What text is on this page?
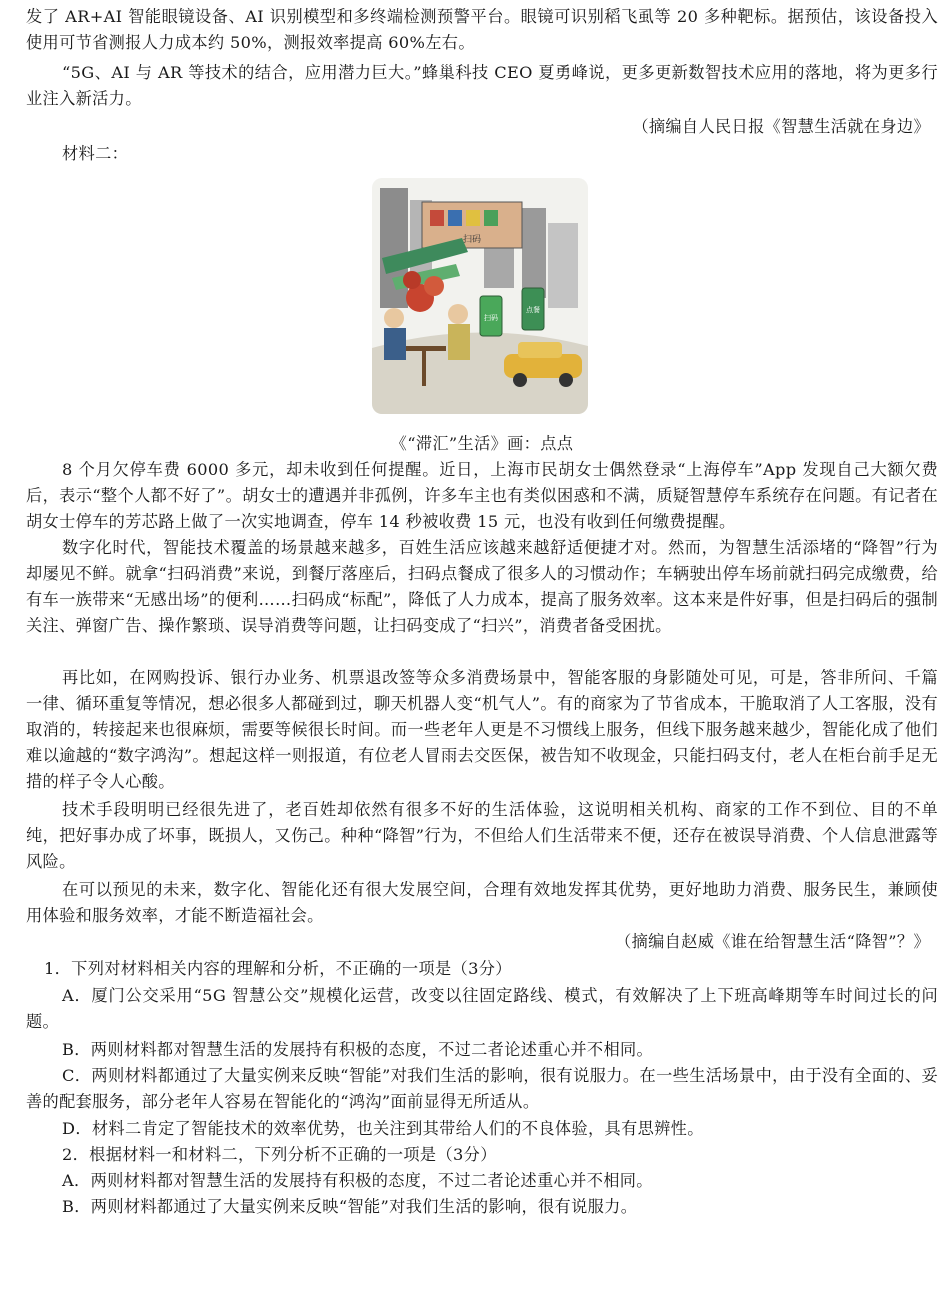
发了 AR+AI 智能眼镜设备、AI 识别模型和多终端检测预警平台。眼镜可识别稻飞虱等 20 多种靶标。据预估，该设备投入使用可节省测报人力成本约 50%，测报效率提高 60%左右。

“5G、AI 与 AR 等技术的结合，应用潜力巨大。”蜂巢科技 CEO 夏勇峰说，更多更新数智技术应用的落地，将为更多行业注入新活力。

（摘编自人民日报《智慧生活就在身边》

材料二：

扫码
扫码
点餐

《“滞汇”生活》画：点点

8 个月欠停车费 6000 多元，却未收到任何提醒。近日，上海市民胡女士偶然登录“上海停车”App 发现自己大额欠费后，表示“整个人都不好了”。胡女士的遭遇并非孤例，许多车主也有类似困惑和不满，质疑智慧停车系统存在问题。有记者在胡女士停车的芳芯路上做了一次实地调查，停车 14 秒被收费 15 元，也没有收到任何缴费提醒。

数字化时代，智能技术覆盖的场景越来越多，百姓生活应该越来越舒适便捷才对。然而，为智慧生活添堵的“降智”行为却屡见不鲜。就拿“扫码消费”来说，到餐厅落座后，扫码点餐成了很多人的习惯动作；车辆驶出停车场前就扫码完成缴费，给有车一族带来“无感出场”的便利……扫码成“标配”，降低了人力成本，提高了服务效率。这本来是件好事，但是扫码后的强制关注、弹窗广告、操作繁琐、误导消费等问题，让扫码变成了“扫兴”，消费者备受困扰。

再比如，在网购投诉、银行办业务、机票退改签等众多消费场景中，智能客服的身影随处可见，可是，答非所问、千篇一律、循环重复等情况，想必很多人都碰到过，聊天机器人变“机气人”。有的商家为了节省成本，干脆取消了人工客服，没有取消的，转接起来也很麻烦，需要等候很长时间。而一些老年人更是不习惯线上服务，但线下服务越来越少，智能化成了他们难以逾越的“数字鸿沟”。想起这样一则报道，有位老人冒雨去交医保，被告知不收现金，只能扫码支付，老人在柜台前手足无措的样子令人心酸。

技术手段明明已经很先进了，老百姓却依然有很多不好的生活体验，这说明相关机构、商家的工作不到位、目的不单纯，把好事办成了坏事，既损人，又伤己。种种“降智”行为，不但给人们生活带来不便，还存在被误导消费、个人信息泄露等风险。

在可以预见的未来，数字化、智能化还有很大发展空间，合理有效地发挥其优势，更好地助力消费、服务民生，兼顾使用体验和服务效率，才能不断造福社会。

（摘编自赵威《谁在给智慧生活“降智”？》

1．下列对材料相关内容的理解和分析，不正确的一项是（3分）

A．厦门公交采用“5G 智慧公交”规模化运营，改变以往固定路线、模式，有效解决了上下班高峰期等车时间过长的问题。

B．两则材料都对智慧生活的发展持有积极的态度，不过二者论述重心并不相同。

C．两则材料都通过了大量实例来反映“智能”对我们生活的影响，很有说服力。在一些生活场景中，由于没有全面的、妥善的配套服务，部分老年人容易在智能化的“鸿沟”面前显得无所适从。

D．材料二肯定了智能技术的效率优势，也关注到其带给人们的不良体验，具有思辨性。

2．根据材料一和材料二，下列分析不正确的一项是（3分）

A．两则材料都对智慧生活的发展持有积极的态度，不过二者论述重心并不相同。

B．两则材料都通过了大量实例来反映“智能”对我们生活的影响，很有说服力。
